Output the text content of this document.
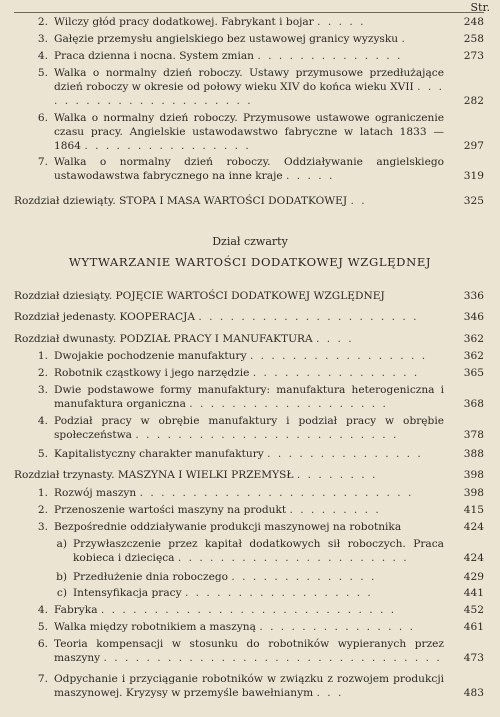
Str.
2. Wilczy głód pracy dodatkowej. Fabrykant i bojar . . . . .	248
3. Gałęzie przemysłu angielskiego bez ustawowej granicy wyzysku .	258
4. Praca dzienna i nocna. System zmian . . . . . . . . . . . . . .	273
5. Walka o normalny dzień roboczy. Ustawy przymusowe przedłużające dzień roboczy w okresie od połowy wieku XIV do końca wieku XVII . . . . . . . . . . . . . . . . . . . . . .	282
6. Walka o normalny dzień roboczy. Przymusowe ustawowe ograniczenie czasu pracy. Angielskie ustawodawstwo fabryczne w latach 1833 — 1864 . . . . . . . . . . . . . . . .	297
7. Walka o normalny dzień roboczy. Oddziaływanie angielskiego ustawodawstwa fabrycznego na inne kraje . . . . .	319
Rozdział dziewiąty. STOPA I MASA WARTOŚCI DODATKOWEJ . .	325
Dział czwarty
WYTWARZANIE WARTOŚCI DODATKOWEJ WZGLĘDNEJ
Rozdział dziesiąty. POJĘCIE WARTOŚCI DODATKOWEJ WZGLĘDNEJ	336
Rozdział jedenasty. KOOPERACJA . . . . . . . . . . . . . . . . . . . . .	346
Rozdział dwunasty. PODZIAŁ PRACY I MANUFAKTURA . . . .	362
1. Dwojakie pochodzenie manufaktury . . . . . . . . . . . . . . . . .	362
2. Robotnik cząstkowy i jego narzędzie . . . . . . . . . . . . . . . .	365
3. Dwie podstawowe formy manufaktury: manufaktura heterogeniczna i manufaktura organiczna . . . . . . . . . . . . . . . . . . .	368
4. Podział pracy w obrębie manufaktury i podział pracy w obrębie społeczeństwa . . . . . . . . . . . . . . . . . . . . . . . . .	378
5. Kapitalistyczny charakter manufaktury . . . . . . . . . . . . . . .	388
Rozdział trzynasty. MASZYNA I WIELKI PRZEMYSŁ . . . . . . . .	398
1. Rozwój maszyn . . . . . . . . . . . . . . . . . . . . . . . . . .	398
2. Przenoszenie wartości maszyny na produkt . . . . . . . . .	415
3. Bezpośrednie oddziaływanie produkcji maszynowej na robotnika	424
a) Przywłaszczenie przez kapitał dodatkowych sił roboczych. Praca kobieca i dziecięca . . . . . . . . . . . . . . . . . . . . . .	424
b) Przedłużenie dnia roboczego . . . . . . . . . . . . . .	429
c) Intensyfikacja pracy . . . . . . . . . . . . . . . . . .	441
4. Fabryka . . . . . . . . . . . . . . . . . . . . . . . . . . . .	452
5. Walka między robotnikiem a maszyną . . . . . . . . . . . . . . .	461
6. Teoria kompensacji w stosunku do robotników wypieranych przez maszyny . . . . . . . . . . . . . . . . . . . . . . . . . . . . . . . .	473
7. Odpychanie i przyciąganie robotników w związku z rozwojem produkcji maszynowej. Kryzysy w przemyśle bawełnianym . . .	483
